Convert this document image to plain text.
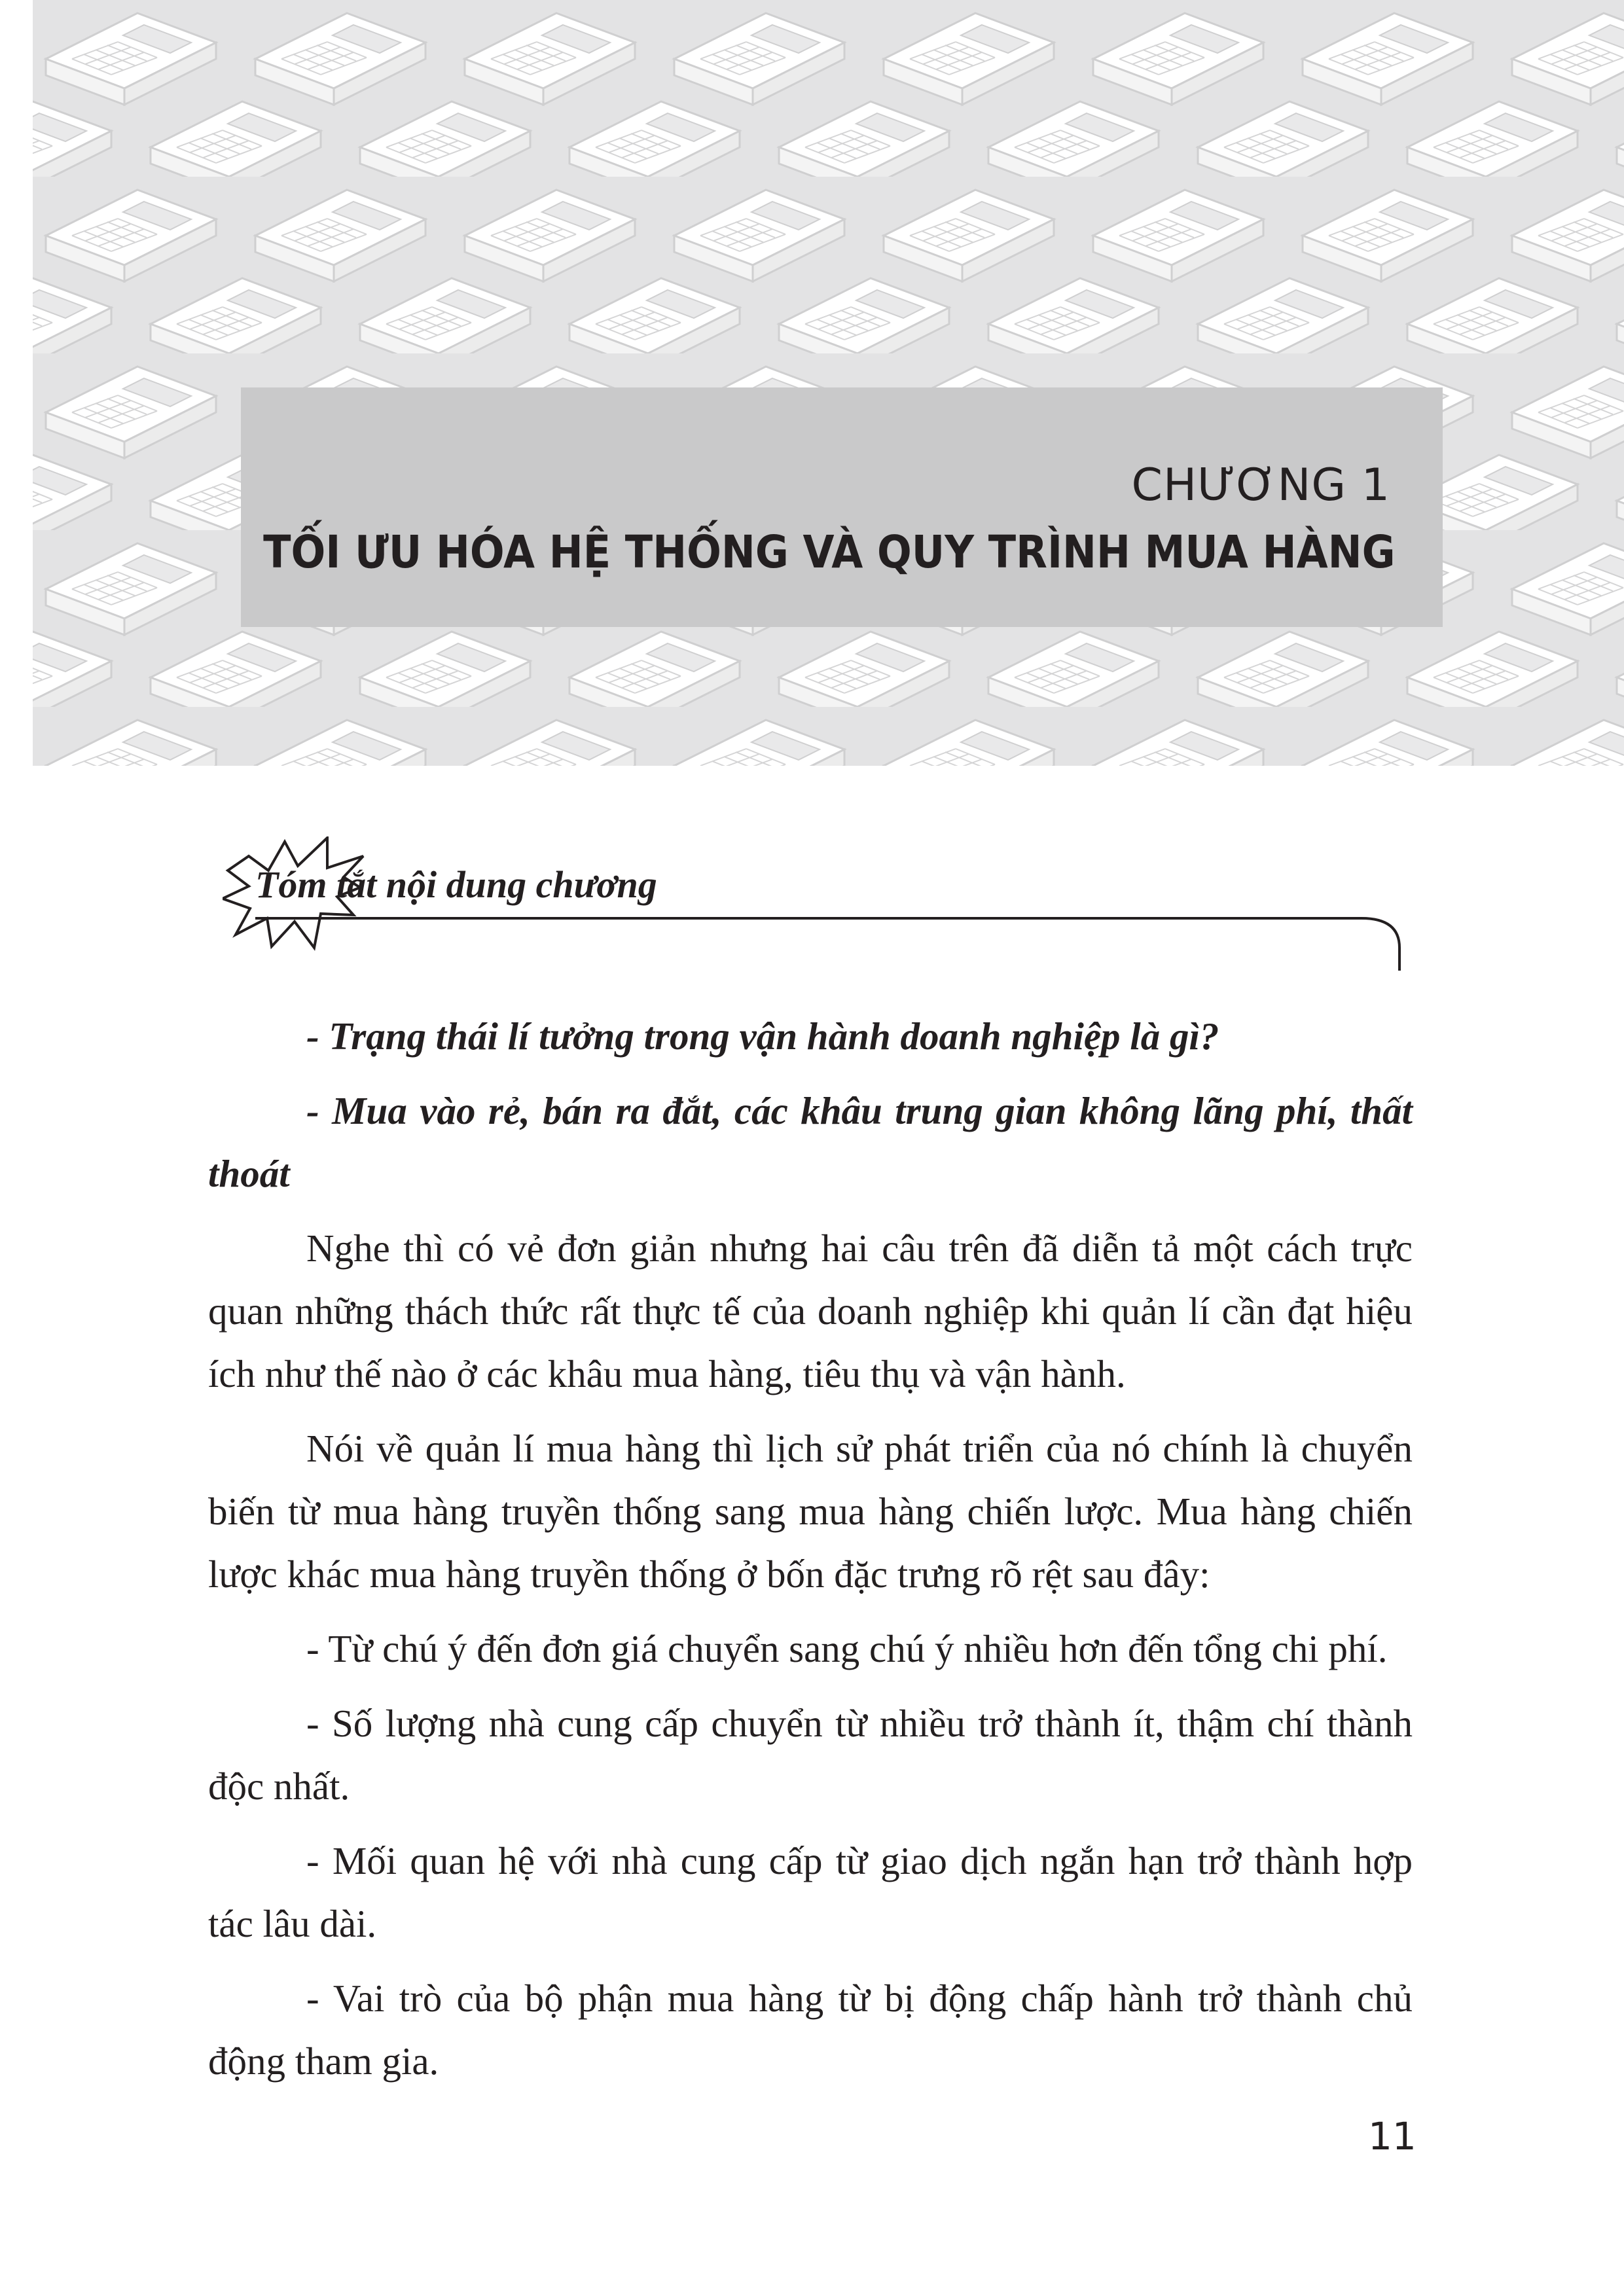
CHƯƠNG 1
TỐI ƯU HÓA HỆ THỐNG VÀ QUY TRÌNH MUA HÀNG
Tóm tắt nội dung chương

- Trạng thái lí tưởng trong vận hành doanh nghiệp là gì?

- Mua vào rẻ, bán ra đắt, các khâu trung gian không lãng phí, thất thoát

Nghe thì có vẻ đơn giản nhưng hai câu trên đã diễn tả một cách trực quan những thách thức rất thực tế của doanh nghiệp khi quản lí cần đạt hiệu ích như thế nào ở các khâu mua hàng, tiêu thụ và vận hành.

Nói về quản lí mua hàng thì lịch sử phát triển của nó chính là chuyển biến từ mua hàng truyền thống sang mua hàng chiến lược. Mua hàng chiến lược khác mua hàng truyền thống ở bốn đặc trưng rõ rệt sau đây:

- Từ chú ý đến đơn giá chuyển sang chú ý nhiều hơn đến tổng chi phí.

- Số lượng nhà cung cấp chuyển từ nhiều trở thành ít, thậm chí thành độc nhất.

- Mối quan hệ với nhà cung cấp từ giao dịch ngắn hạn trở thành hợp tác lâu dài.

- Vai trò của bộ phận mua hàng từ bị động chấp hành trở thành chủ động tham gia.

11
